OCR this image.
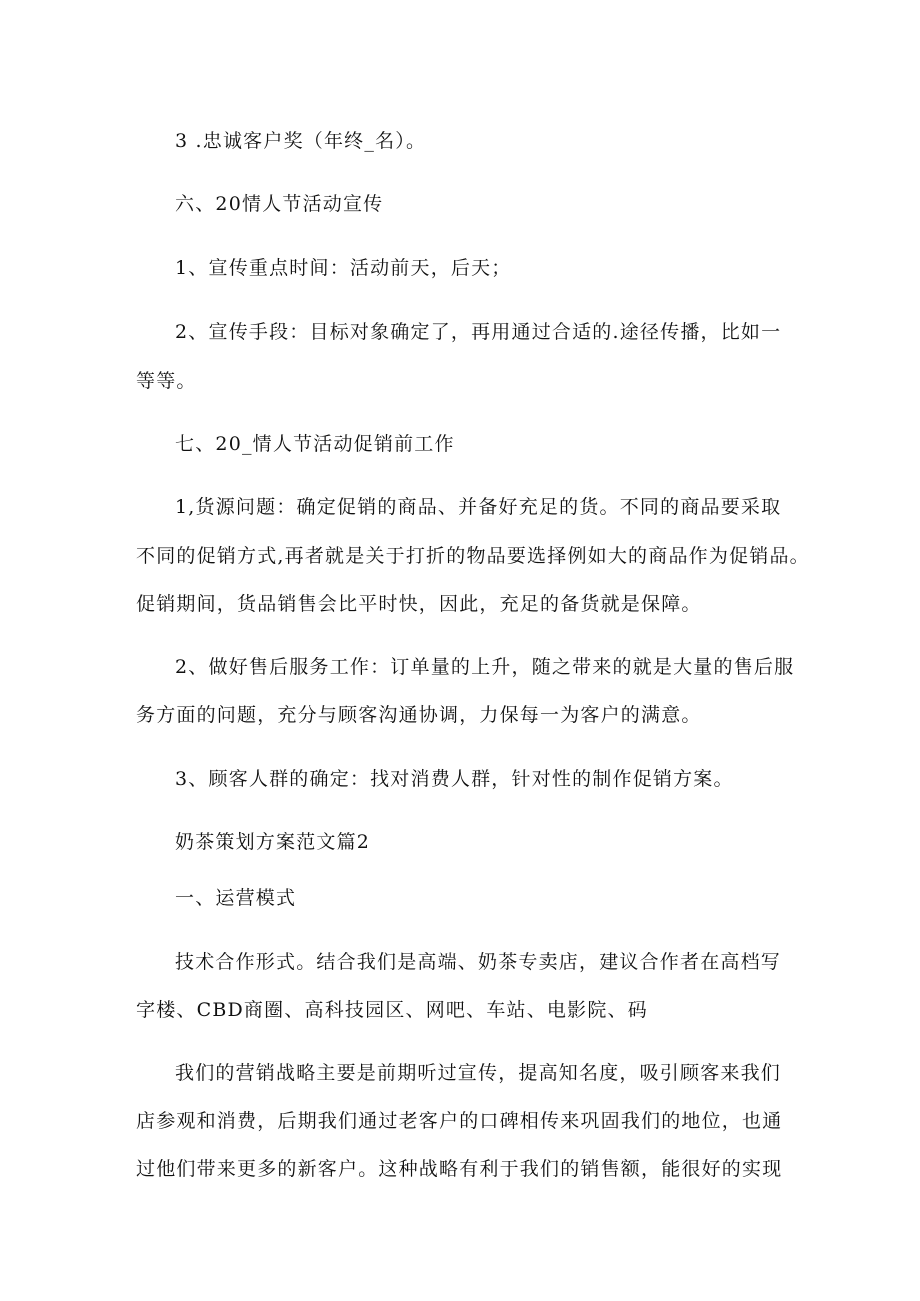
3 .忠诚客户奖（年终_名）。
六、20情人节活动宣传
1、宣传重点时间：活动前天，后天；
2、宣传手段：目标对象确定了，再用通过合适的.途径传播，比如一
等等。
七、20_情人节活动促销前工作
1,货源问题：确定促销的商品、并备好充足的货。不同的商品要采取
不同的促销方式,再者就是关于打折的物品要选择例如大的商品作为促销品。
促销期间，货品销售会比平时快，因此，充足的备货就是保障。
2、做好售后服务工作：订单量的上升，随之带来的就是大量的售后服
务方面的问题，充分与顾客沟通协调，力保每一为客户的满意。
3、顾客人群的确定：找对消费人群，针对性的制作促销方案。
奶茶策划方案范文篇2
一、运营模式
技术合作形式。结合我们是高端、奶茶专卖店，建议合作者在高档写
字楼、CBD商圈、高科技园区、网吧、车站、电影院、码
我们的营销战略主要是前期听过宣传，提高知名度，吸引顾客来我们
店参观和消费，后期我们通过老客户的口碑相传来巩固我们的地位，也通
过他们带来更多的新客户。这种战略有利于我们的销售额，能很好的实现
